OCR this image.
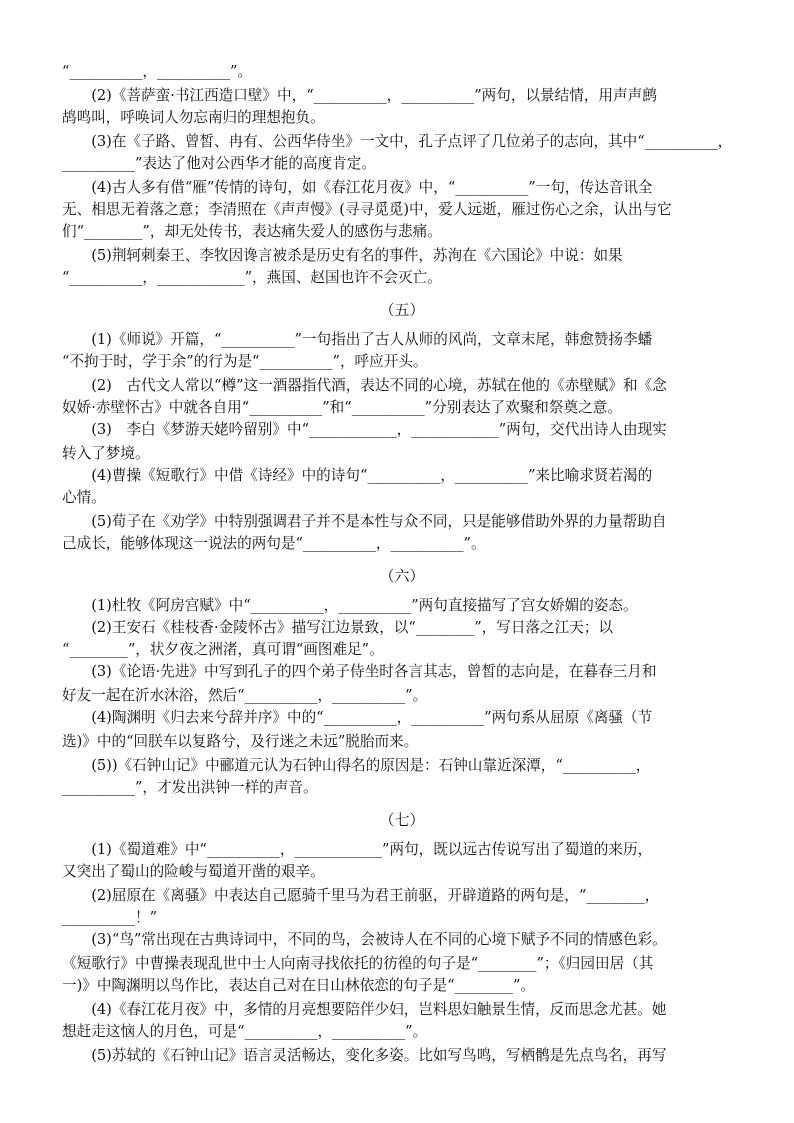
“__________，__________”。
　　(2)《菩萨蛮·书江西造口壁》中，“__________，__________”两句，以景结情，用声声鹧
鸪鸣叫，呼唤词人勿忘南归的理想抱负。
　　(3)在《子路、曾皙、冉有、公西华侍坐》一文中，孔子点评了几位弟子的志向，其中“__________，
__________”表达了他对公西华才能的高度肯定。
　　(4)古人多有借“雁”传情的诗句，如《春江花月夜》中，“__________”一句，传达音讯全
无、相思无着落之意；李清照在《声声慢》(寻寻觅觅)中，爱人远逝，雁过伤心之余，认出与它
们“________”，却无处传书，表达痛失爱人的感伤与悲痛。
　　(5)荆轲刺秦王、李牧因谗言被杀是历史有名的事件，苏洵在《六国论》中说：如果
“__________，____________”，燕国、赵国也许不会灭亡。
（五）
　　(1)《师说》开篇，“__________”一句指出了古人从师的风尚，文章末尾，韩愈赞扬李蟠
“不拘于时，学于余”的行为是“__________”，呼应开头。
　　(2)　古代文人常以“樽”这一酒器指代酒，表达不同的心境，苏轼在他的《赤壁赋》和《念
奴娇·赤壁怀古》中就各自用“__________”和“__________”分别表达了欢聚和祭奠之意。
　　(3)　李白《梦游天姥吟留别》中“____________，____________”两句，交代出诗人由现实
转入了梦境。
　　(4)曹操《短歌行》中借《诗经》中的诗句“__________，__________”来比喻求贤若渴的
心情。
　　(5)荀子在《劝学》中特别强调君子并不是本性与众不同，只是能够借助外界的力量帮助自
己成长，能够体现这一说法的两句是“__________，__________”。
（六）
　　(1)杜牧《阿房宫赋》中“__________，__________”两句直接描写了宫女娇媚的姿态。
　　(2)王安石《桂枝香·金陵怀古》描写江边景致，以“________”，写日落之江天；以
“________”，状夕夜之洲渚，真可谓“画图难足”。
　　(3)《论语·先进》中写到孔子的四个弟子侍坐时各言其志，曾皙的志向是，在暮春三月和
好友一起在沂水沐浴，然后“__________，__________”。
　　(4)陶渊明《归去来兮辞并序》中的“__________，__________”两句系从屈原《离骚（节
选)》中的“回朕车以复路兮，及行迷之未远”脱胎而来。
　　(5))《石钟山记》中郦道元认为石钟山得名的原因是：石钟山靠近深潭，“__________，
__________”，才发出洪钟一样的声音。
（七）
　　(1)《蜀道难》中“__________，____________”两句，既以远古传说写出了蜀道的来历，
又突出了蜀山的险峻与蜀道开凿的艰辛。
　　(2)屈原在《离骚》中表达自己愿骑千里马为君王前驱，开辟道路的两句是，“________，
__________！”
　　(3)“鸟”常出现在古典诗词中，不同的鸟，会被诗人在不同的心境下赋予不同的情感色彩。
《短歌行》中曹操表现乱世中士人向南寻找依托的彷徨的句子是“________”；《归园田居（其
一)》中陶渊明以鸟作比，表达自己对在日山林依恋的句子是“________”。
　　(4)《春江花月夜》中，多情的月亮想要陪伴少妇，岂料思妇触景生情，反而思念尤甚。她
想赶走这恼人的月色，可是“__________，__________”。
　　(5)苏轼的《石钟山记》语言灵活畅达，变化多姿。比如写鸟鸣，写栖鹘是先点鸟名，再写
